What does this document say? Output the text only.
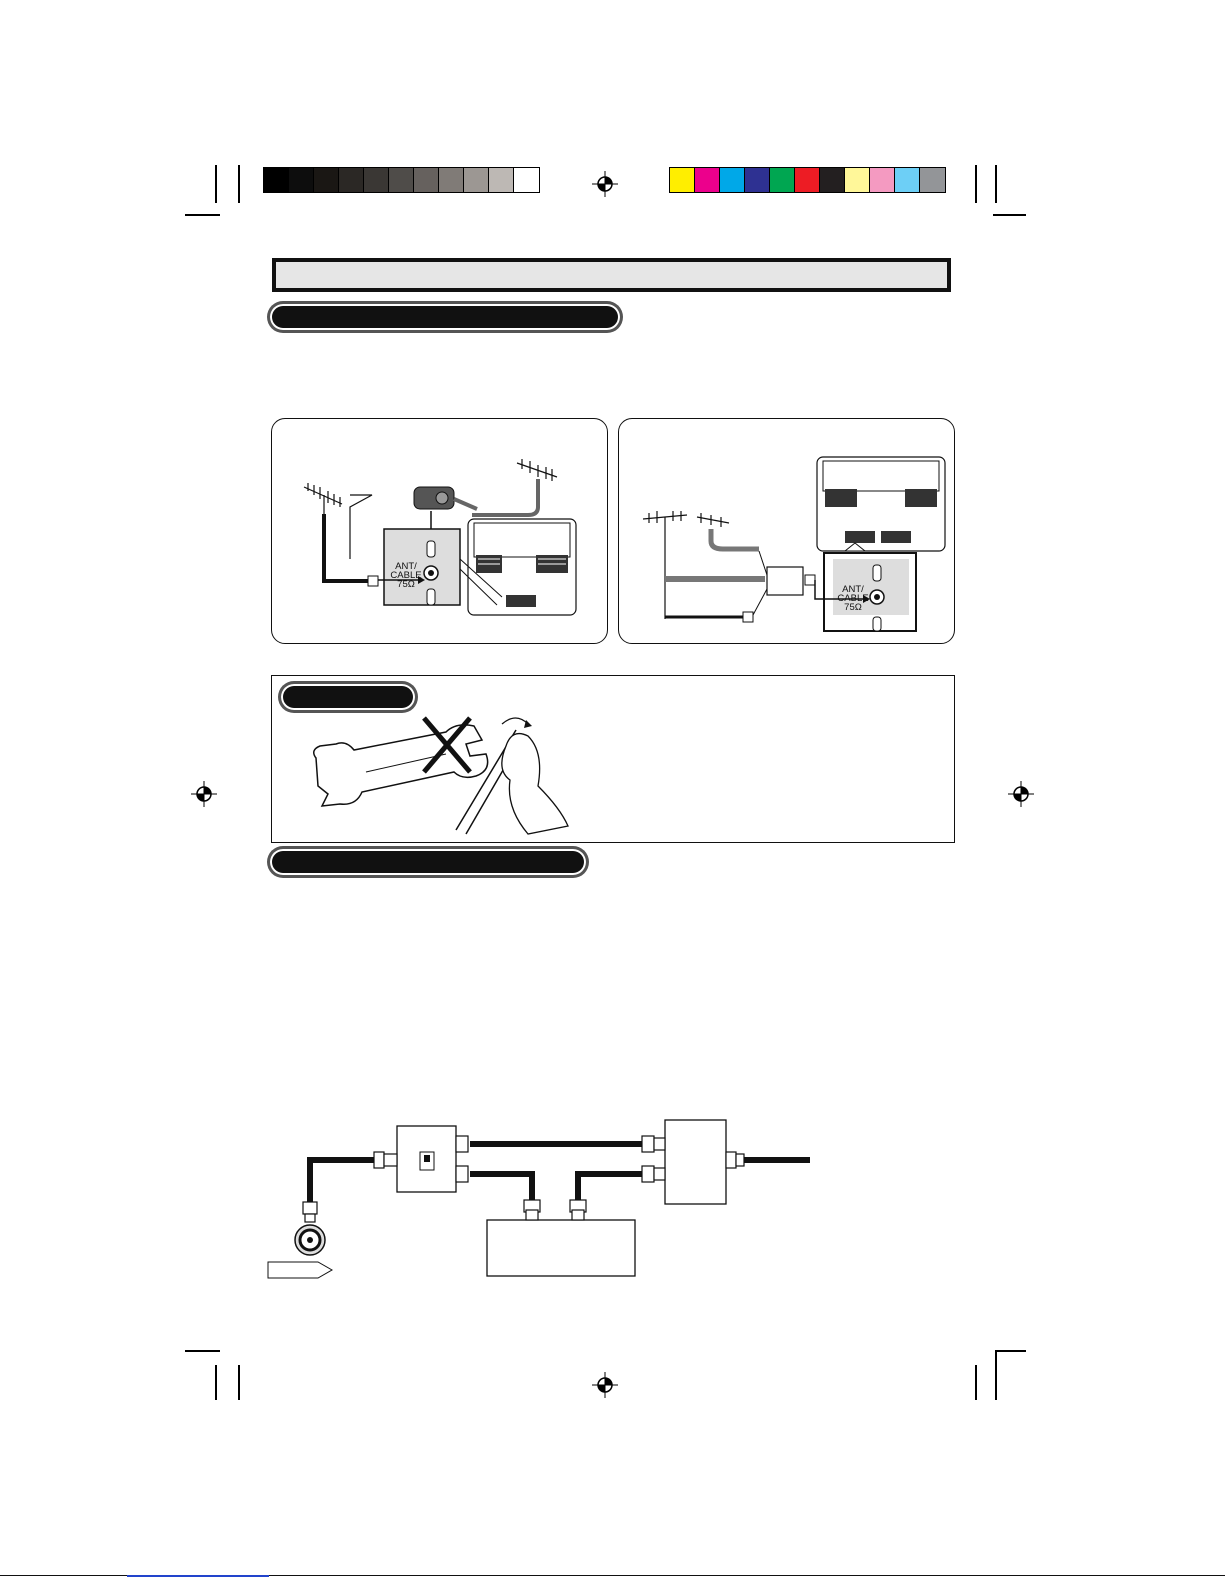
ANT/
CABLE
75Ω	ANT/
CABLE
75Ω
